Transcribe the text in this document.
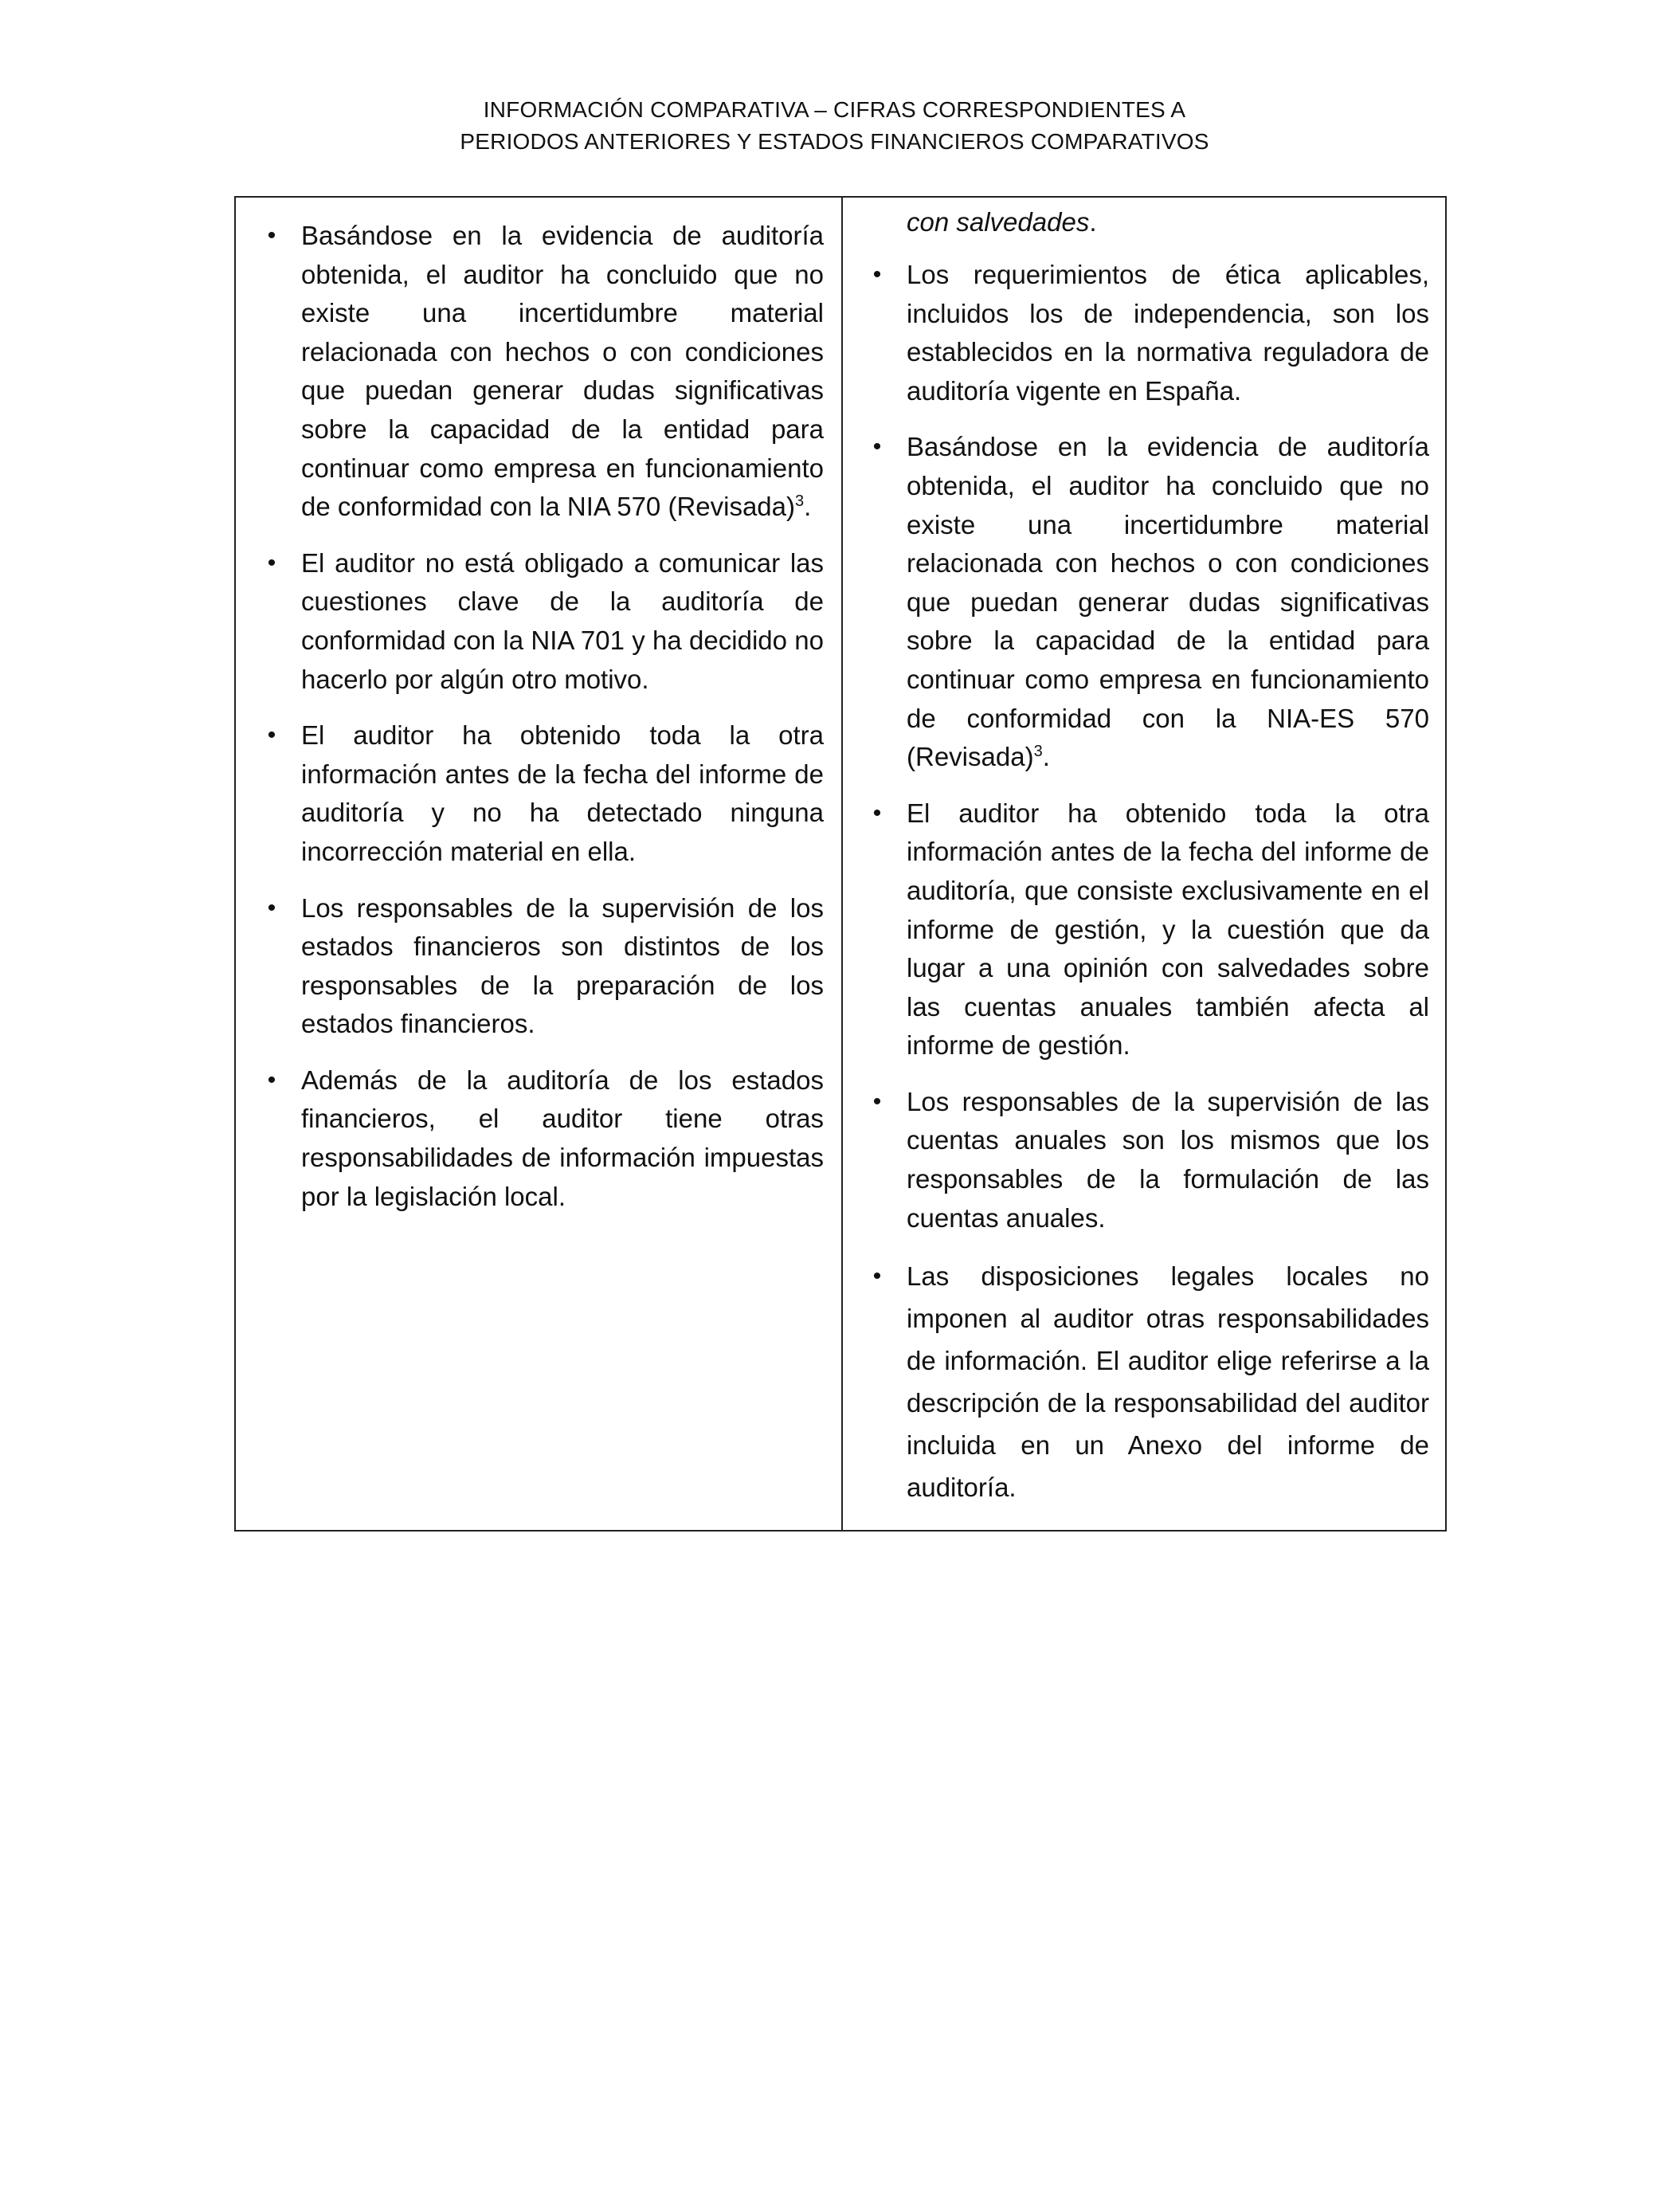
INFORMACIÓN COMPARATIVA – CIFRAS CORRESPONDIENTES A
PERIODOS ANTERIORES Y ESTADOS FINANCIEROS COMPARATIVOS
• Basándose en la evidencia de auditoría obtenida, el auditor ha concluido que no existe una incertidumbre material relacionada con hechos o con condiciones que puedan generar dudas significativas sobre la capacidad de la entidad para continuar como empresa en funcionamiento de conformidad con la NIA 570 (Revisada)$^3$.
• El auditor no está obligado a comunicar las cuestiones clave de la auditoría de conformidad con la NIA 701 y ha decidido no hacerlo por algún otro motivo.
• El auditor ha obtenido toda la otra información antes de la fecha del informe de auditoría y no ha detectado ninguna incorrección material en ella.
• Los responsables de la supervisión de los estados financieros son distintos de los responsables de la preparación de los estados financieros.
• Además de la auditoría de los estados financieros, el auditor tiene otras responsabilidades de información impuestas por la legislación local.
con salvedades.
• Los requerimientos de ética aplicables, incluidos los de independencia, son los establecidos en la normativa reguladora de auditoría vigente en España.
• Basándose en la evidencia de auditoría obtenida, el auditor ha concluido que no existe una incertidumbre material relacionada con hechos o con condiciones que puedan generar dudas significativas sobre la capacidad de la entidad para continuar como empresa en funcionamiento de conformidad con la NIA-ES 570 (Revisada)$^3$.
• El auditor ha obtenido toda la otra información antes de la fecha del informe de auditoría, que consiste exclusivamente en el informe de gestión, y la cuestión que da lugar a una opinión con salvedades sobre las cuentas anuales también afecta al informe de gestión.
• Los responsables de la supervisión de las cuentas anuales son los mismos que los responsables de la formulación de las cuentas anuales.
• Las disposiciones legales locales no imponen al auditor otras responsabilidades de información. El auditor elige referirse a la descripción de la responsabilidad del auditor incluida en un Anexo del informe de auditoría.
